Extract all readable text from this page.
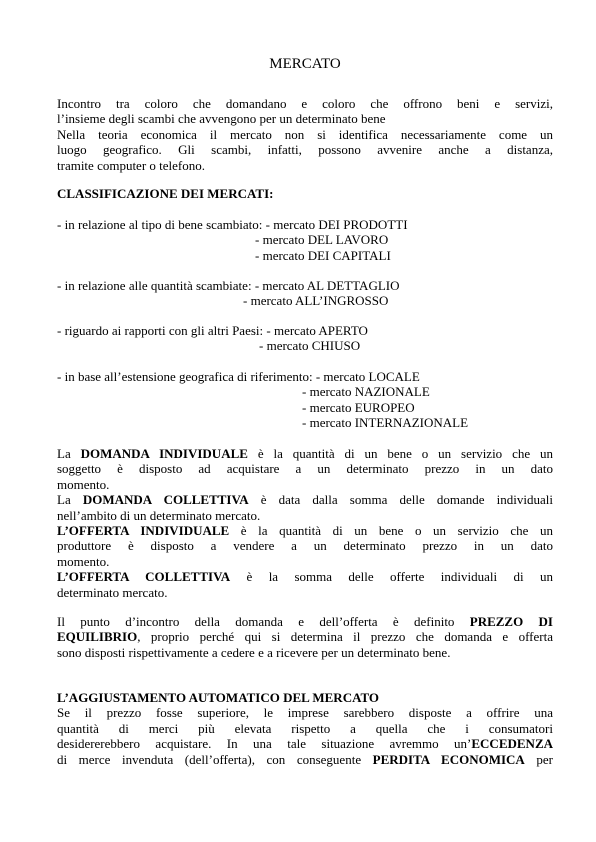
MERCATO
Incontro tra coloro che domandano e coloro che offrono beni e servizi,
l’insieme degli scambi che avvengono per un determinato bene
Nella teoria economica il mercato non si identifica necessariamente come un
luogo geografico. Gli scambi, infatti, possono avvenire anche a distanza,
tramite computer o telefono.
CLASSIFICAZIONE DEI MERCATI:
- in relazione al tipo di bene scambiato: - mercato DEI PRODOTTI
- mercato DEL LAVORO
- mercato DEI CAPITALI
- in relazione alle quantità scambiate: - mercato AL DETTAGLIO
- mercato ALL’INGROSSO
- riguardo ai rapporti con gli altri Paesi: - mercato APERTO
- mercato CHIUSO
- in base all’estensione geografica di riferimento: - mercato LOCALE
- mercato NAZIONALE
- mercato EUROPEO
- mercato INTERNAZIONALE
La DOMANDA INDIVIDUALE è la quantità di un bene o un servizio che un
soggetto è disposto ad acquistare a un determinato prezzo in un dato
momento.
La DOMANDA COLLETTIVA è data dalla somma delle domande individuali
nell’ambito di un determinato mercato.
L’OFFERTA INDIVIDUALE è la quantità di un bene o un servizio che un
produttore è disposto a vendere a un determinato prezzo in un dato
momento.
L’OFFERTA COLLETTIVA è la somma delle offerte individuali di un
determinato mercato.
Il punto d’incontro della domanda e dell’offerta è definito PREZZO DI
EQUILIBRIO, proprio perché qui si determina il prezzo che domanda e offerta
sono disposti rispettivamente a cedere e a ricevere per un determinato bene.
L’AGGIUSTAMENTO AUTOMATICO DEL MERCATO
Se il prezzo fosse superiore, le imprese sarebbero disposte a offrire una
quantità di merci più elevata rispetto a quella che i consumatori
desidererebbero acquistare. In una tale situazione avremmo un’ECCEDENZA
di merce invenduta (dell’offerta), con conseguente PERDITA ECONOMICA per
